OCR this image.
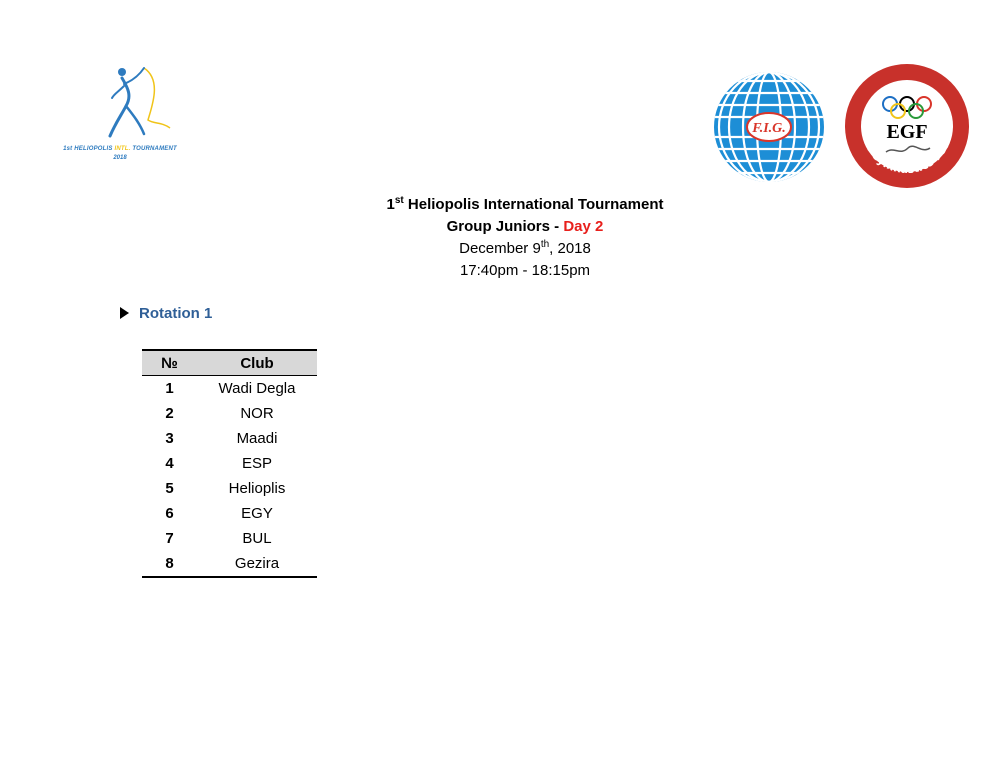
1st HELIOPOLIS INTL. TOURNAMENT
2018
F.I.G.	tian Gymnastics Feder
EGF
1st Heliopolis International Tournament
Group Juniors - Day 2
December 9th, 2018
17:40pm - 18:15pm
Rotation 1
№	Club
1	Wadi Degla
2	NOR
3	Maadi
4	ESP
5	Helioplis
6	EGY
7	BUL
8	Gezira
